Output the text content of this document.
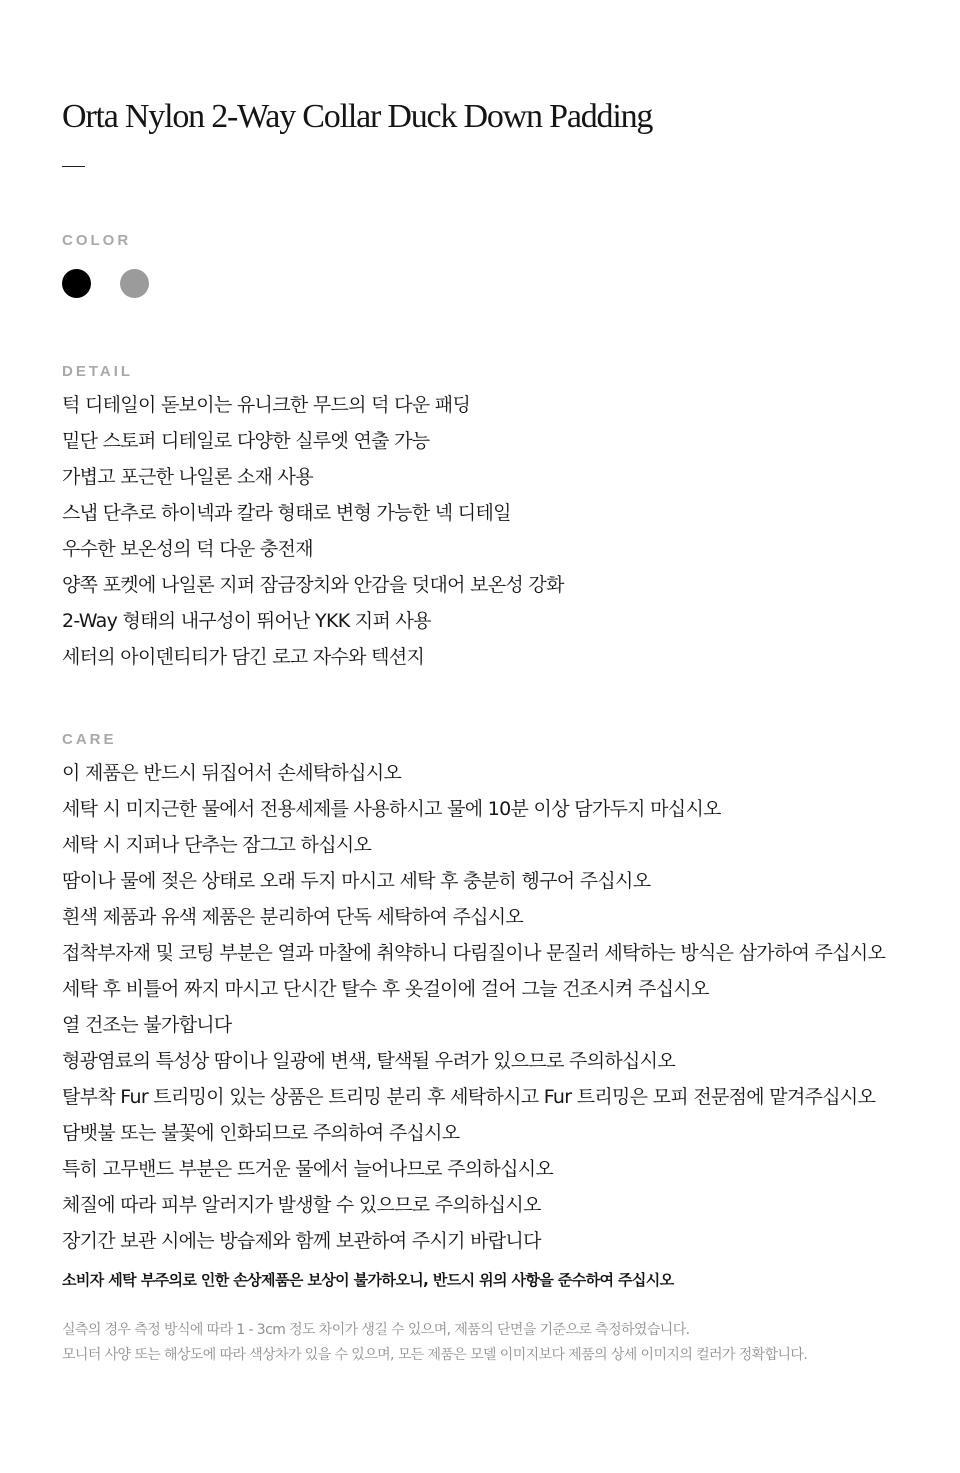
Orta Nylon 2-Way Collar Duck Down Padding
COLOR
DETAIL
턱 디테일이 돋보이는 유니크한 무드의 덕 다운 패딩
밑단 스토퍼 디테일로 다양한 실루엣 연출 가능
가볍고 포근한 나일론 소재 사용
스냅 단추로 하이넥과 칼라 형태로 변형 가능한 넥 디테일
우수한 보온성의 덕 다운 충전재
양쪽 포켓에 나일론 지퍼 잠금장치와 안감을 덧대어 보온성 강화
2-Way 형태의 내구성이 뛰어난 YKK 지퍼 사용
세터의 아이덴티티가 담긴 로고 자수와 텍션지
CARE
이 제품은 반드시 뒤집어서 손세탁하십시오
세탁 시 미지근한 물에서 전용세제를 사용하시고 물에 10분 이상 담가두지 마십시오
세탁 시 지퍼나 단추는 잠그고 하십시오
땀이나 물에 젖은 상태로 오래 두지 마시고 세탁 후 충분히 헹구어 주십시오
흰색 제품과 유색 제품은 분리하여 단독 세탁하여 주십시오
접착부자재 및 코팅 부분은 열과 마찰에 취약하니 다림질이나 문질러 세탁하는 방식은 삼가하여 주십시오
세탁 후 비틀어 짜지 마시고 단시간 탈수 후 옷걸이에 걸어 그늘 건조시켜 주십시오
열 건조는 불가합니다
형광염료의 특성상 땀이나 일광에 변색, 탈색될 우려가 있으므로 주의하십시오
탈부착 Fur 트리밍이 있는 상품은 트리밍 분리 후 세탁하시고 Fur 트리밍은 모피 전문점에 맡겨주십시오
담뱃불 또는 불꽃에 인화되므로 주의하여 주십시오
특히 고무밴드 부분은 뜨거운 물에서 늘어나므로 주의하십시오
체질에 따라 피부 알러지가 발생할 수 있으므로 주의하십시오
장기간 보관 시에는 방습제와 함께 보관하여 주시기 바랍니다

소비자 세탁 부주의로 인한 손상제품은 보상이 불가하오니, 반드시 위의 사항을 준수하여 주십시오

실측의 경우 측정 방식에 따라 1 - 3cm 정도 차이가 생길 수 있으며, 제품의 단면을 기준으로 측정하였습니다.
모니터 사양 또는 해상도에 따라 색상차가 있을 수 있으며, 모든 제품은 모델 이미지보다 제품의 상세 이미지의 컬러가 정확합니다.
